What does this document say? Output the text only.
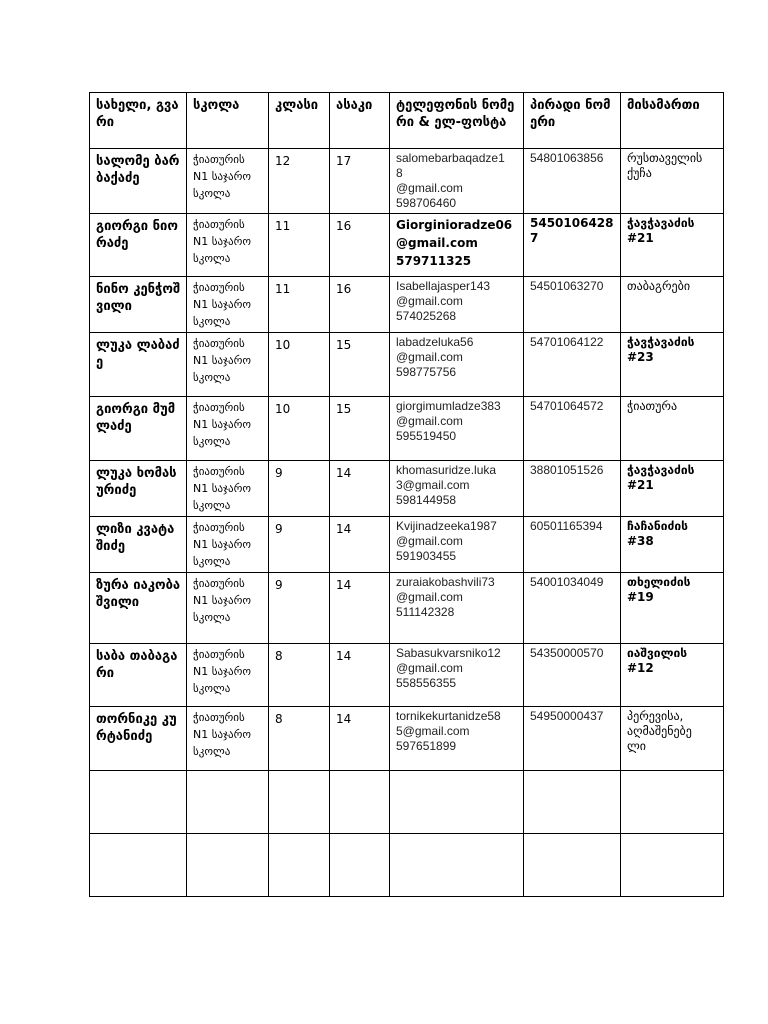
სახელი, გვარი	სკოლა	კლასი	ასაკი	ტელეფონის ნომერი & ელ-ფოსტა	პირადი ნომერი	მისამართი
სალომე ბარბაქაძე	ჭიათურის
N1 საჯარო
სკოლა	12	17	salomebarbaqadze1
8
@gmail.com
598706460	54801063856	რუსთაველის
ქუჩა

გიორგი ნიორაძე	ჭიათურის
N1 საჯარო
სკოლა	11	16	Giorginioradze06
@gmail.com
579711325	54501064287	ჭავჭავაძის
#21

ნინო კენჭოშვილი	ჭიათურის
N1 საჯარო
სკოლა	11	16	Isabellajasper143
@gmail.com
574025268	54501063270	თაბაგრები

ლუკა ლაბაძე	ჭიათურის
N1 საჯარო
სკოლა	10	15	labadzeluka56
@gmail.com
598775756	54701064122	ჭავჭავაძის
#23

გიორგი მუმლაძე	ჭიათურის
N1 საჯარო
სკოლა	10	15	giorgimumladze383
@gmail.com
595519450	54701064572	ჭიათურა

ლუკა ხომასურიძე	ჭიათურის
N1 საჯარო
სკოლა	9	14	khomasuridze.luka
3@gmail.com
598144958	38801051526	ჭავჭავაძის
#21

ლიზი კვატაშიძე	ჭიათურის
N1 საჯარო
სკოლა	9	14	Kvijinadzeeka1987
@gmail.com
591903455	60501165394	ჩაჩანიძის
#38

ზურა იაკობაშვილი	ჭიათურის
N1 საჯარო
სკოლა	9	14	zuraiakobashvili73
@gmail.com
511142328	54001034049	თხელიძის
#19

საბა თაბაგარი	ჭიათურის
N1 საჯარო
სკოლა	8	14	Sabasukvarsniko12
@gmail.com
558556355	54350000570	იაშვილის
#12

თორნიკე კურტანიძე	ჭიათურის
N1 საჯარო
სკოლა	8	14	tornikekurtanidze58
5@gmail.com
597651899	54950000437	პერევისა,
აღმაშენებე
ლი
